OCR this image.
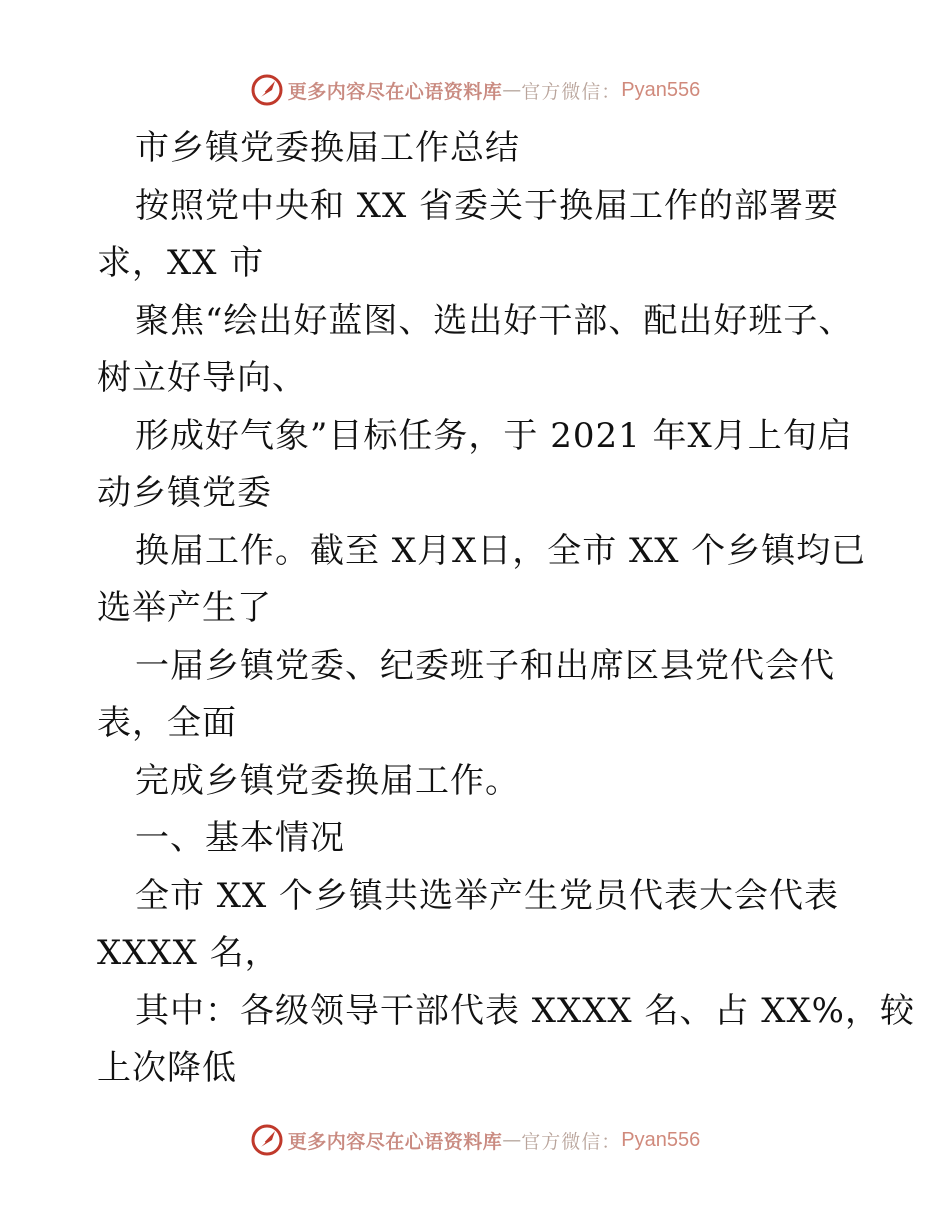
更多内容尽在心语资料库 — 官方微信： Pyan556
市乡镇党委换届工作总结
按照党中央和 XX 省委关于换届工作的部署要
求，XX 市
聚焦“绘出好蓝图、选出好干部、配出好班子、
树立好导向、
形成好气象”目标任务，于 2021 年X月上旬启
动乡镇党委
换届工作。截至 X月X日，全市 XX 个乡镇均已
选举产生了
一届乡镇党委、纪委班子和出席区县党代会代
表，全面
完成乡镇党委换届工作。
一、基本情况
全市 XX 个乡镇共选举产生党员代表大会代表
XXXX 名，
其中：各级领导干部代表 XXXX 名、占 XX%，较
上次降低
更多内容尽在心语资料库 — 官方微信： Pyan556
